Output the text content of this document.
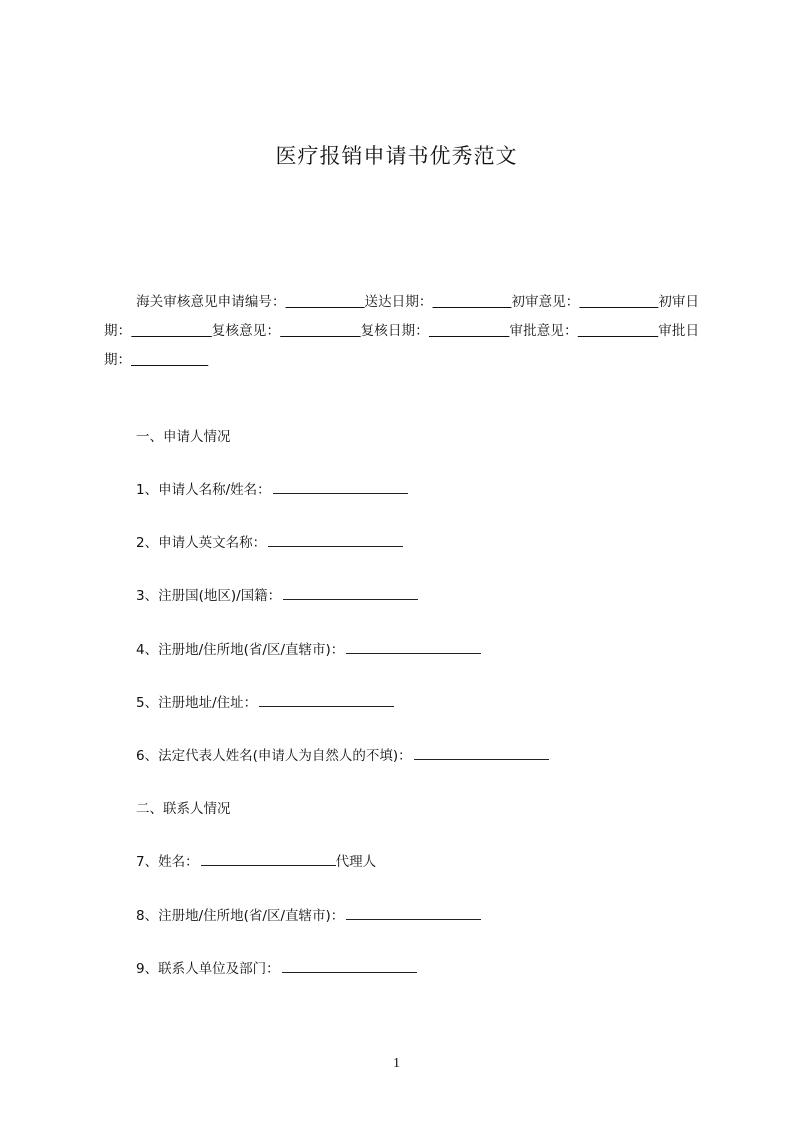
医疗报销申请书优秀范文

海关审核意见申请编号：	送达日期：	初审意见：	初审日期：	复核意见：	复核日期：	审批意见：	审批日期：

一、申请人情况

1、申请人名称/姓名：

2、申请人英文名称：

3、注册国(地区)/国籍：

4、注册地/住所地(省/区/直辖市)：

5、注册地址/住址：

6、法定代表人姓名(申请人为自然人的不填)：

二、联系人情况

7、姓名：	代理人

8、注册地/住所地(省/区/直辖市)：

9、联系人单位及部门：

1
